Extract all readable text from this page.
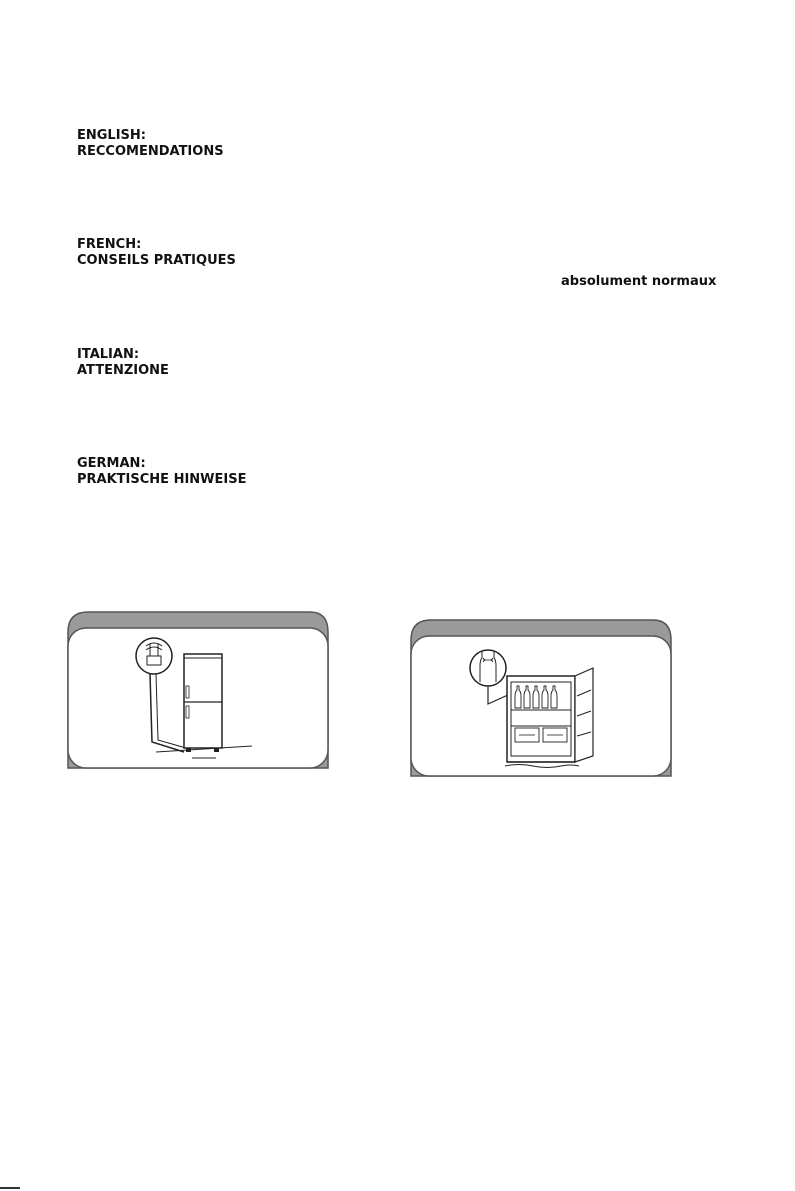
ENGLISH:
RECCOMENDATIONS
FRENCH:
CONSEILS PRATIQUES
absolument normaux
ITALIAN:
ATTENZIONE
GERMAN:
PRAKTISCHE HINWEISE
